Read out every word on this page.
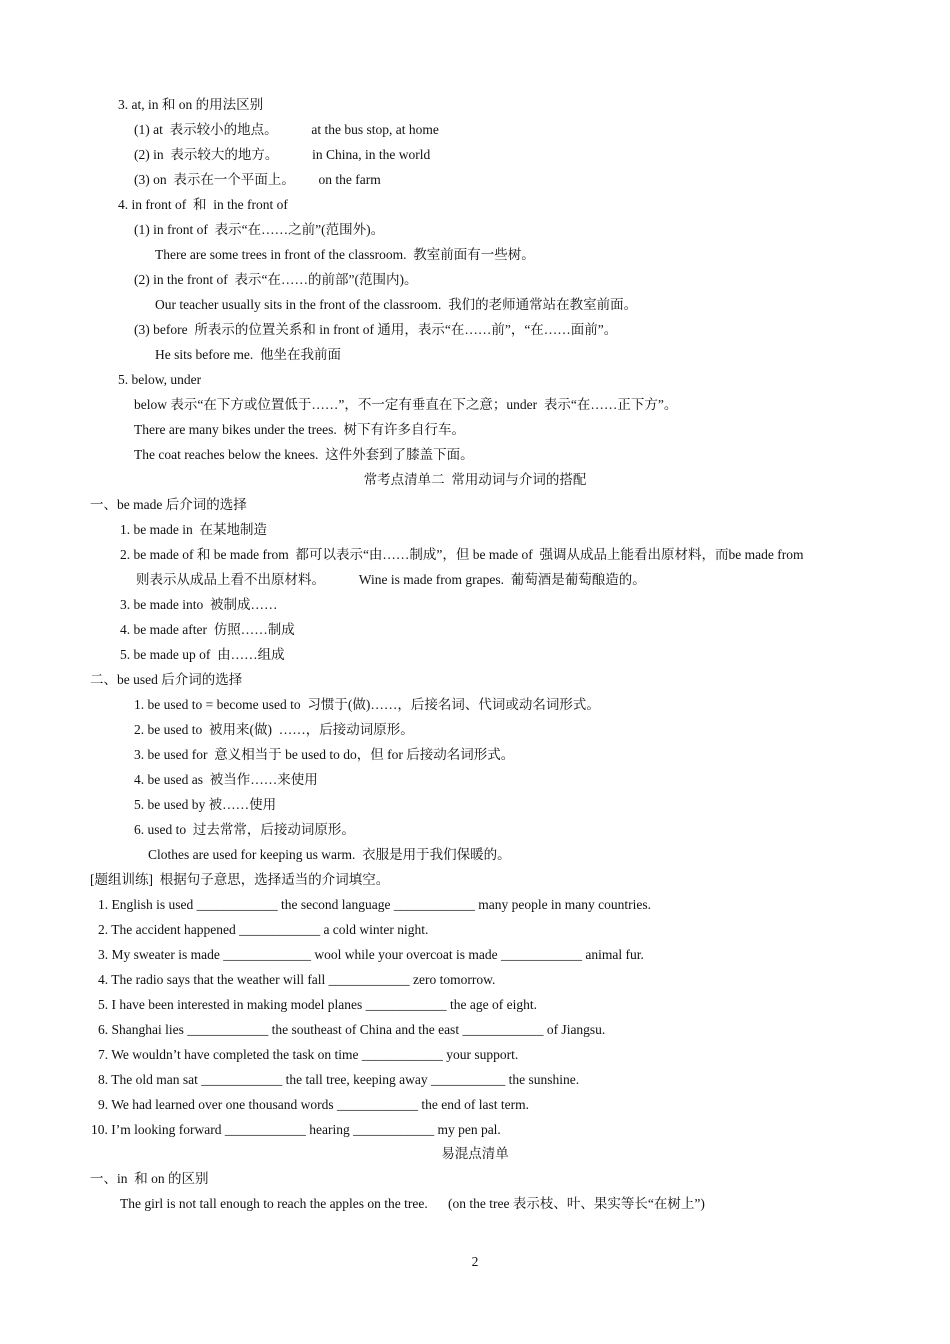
3. at, in 和 on 的用法区别
(1) at  表示较小的地点。          at the bus stop, at home
(2) in  表示较大的地方。          in China, in the world
(3) on  表示在一个平面上。       on the farm
4. in front of  和  in the front of
(1) in front of  表示“在……之前”(范围外)。
There are some trees in front of the classroom.  教室前面有一些树。
(2) in the front of  表示“在……的前部”(范围内)。
Our teacher usually sits in the front of the classroom.  我们的老师通常站在教室前面。
(3) before  所表示的位置关系和 in front of 通用，表示“在……前”，“在……面前”。
He sits before me.  他坐在我前面
5. below, under
below 表示“在下方或位置低于……”，不一定有垂直在下之意；under  表示“在……正下方”。
There are many bikes under the trees.  树下有许多自行车。
The coat reaches below the knees.  这件外套到了膝盖下面。
常考点清单二  常用动词与介词的搭配
一、be made 后介词的选择
1. be made in  在某地制造
2. be made of 和 be made from  都可以表示“由……制成”，但 be made of  强调从成品上能看出原材料，而be made from
则表示从成品上看不出原材料。          Wine is made from grapes.  葡萄酒是葡萄酿造的。
3. be made into  被制成……
4. be made after  仿照……制成
5. be made up of  由……组成
二、be used 后介词的选择
1. be used to = become used to  习惯于(做)……，后接名词、代词或动名词形式。
2. be used to  被用来(做)  ……，后接动词原形。
3. be used for  意义相当于 be used to do，但 for 后接动名词形式。
4. be used as  被当作……来使用
5. be used by 被……使用
6. used to  过去常常，后接动词原形。
Clothes are used for keeping us warm.  衣服是用于我们保暖的。
[题组训练]  根据句子意思，选择适当的介词填空。
1. English is used ____________ the second language ____________ many people in many countries.
2. The accident happened ____________ a cold winter night.
3. My sweater is made _____________ wool while your overcoat is made ____________ animal fur.
4. The radio says that the weather will fall ____________ zero tomorrow.
5. I have been interested in making model planes ____________ the age of eight.
6. Shanghai lies ____________ the southeast of China and the east ____________ of Jiangsu.
7. We wouldn’t have completed the task on time ____________ your support.
8. The old man sat ____________ the tall tree, keeping away ___________ the sunshine.
9. We had learned over one thousand words ____________ the end of last term.
10. I’m looking forward ____________ hearing ____________ my pen pal.
易混点清单
一、in  和 on 的区别
The girl is not tall enough to reach the apples on the tree.      (on the tree 表示枝、叶、果实等长“在树上”)
2
